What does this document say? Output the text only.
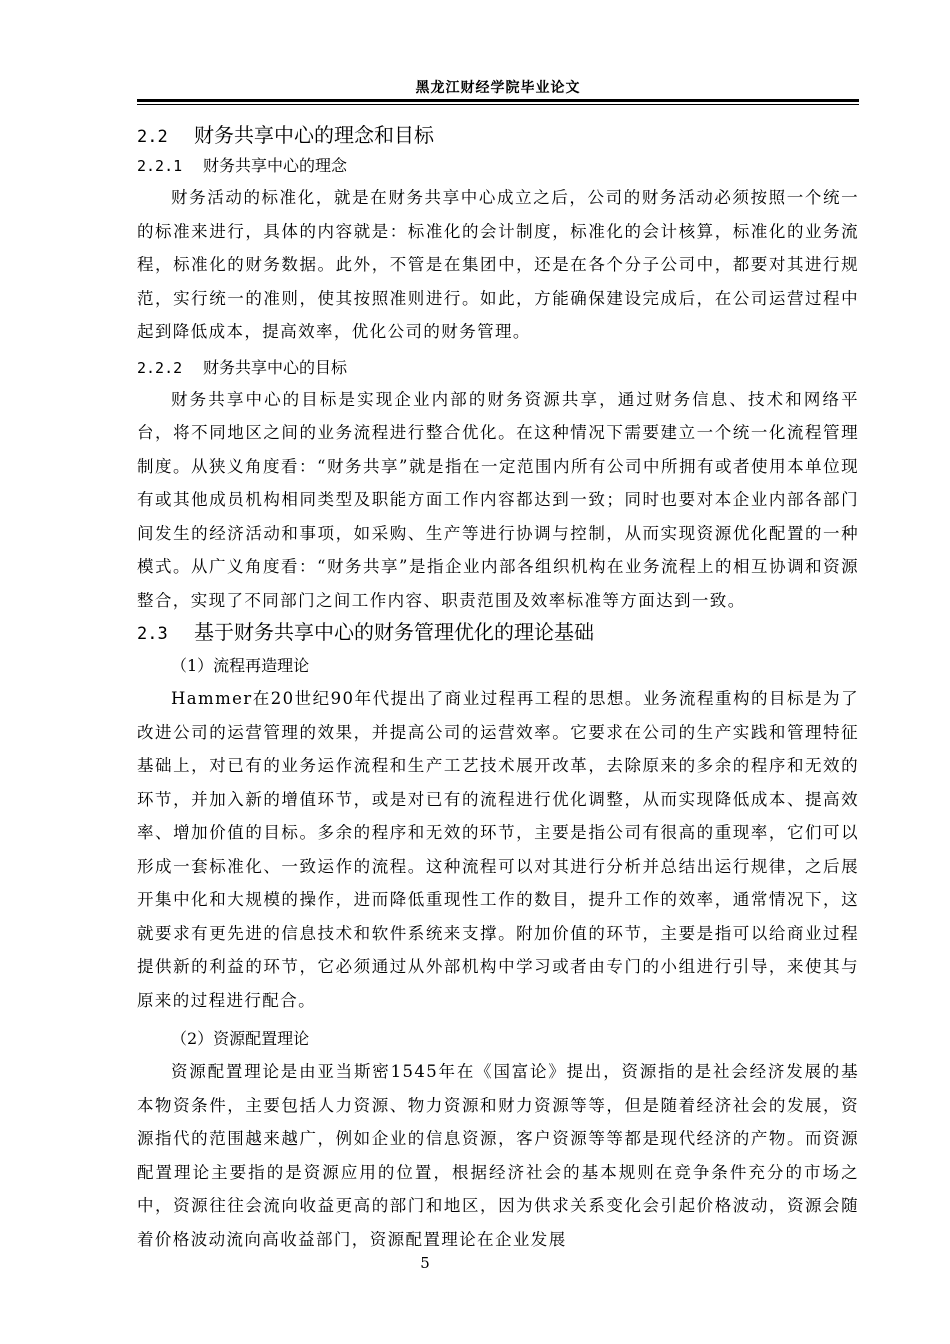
黑龙江财经学院毕业论文
2.2 财务共享中心的理念和目标
2.2.1 财务共享中心的理念

财务活动的标准化，就是在财务共享中心成立之后，公司的财务活动必须按照一个统一的标准来进行，具体的内容就是：标准化的会计制度，标准化的会计核算，标准化的业务流程，标准化的财务数据。此外，不管是在集团中，还是在各个分子公司中，都要对其进行规范，实行统一的准则，使其按照准则进行。如此，方能确保建设完成后，在公司运营过程中起到降低成本，提高效率，优化公司的财务管理。

2.2.2 财务共享中心的目标

财务共享中心的目标是实现企业内部的财务资源共享，通过财务信息、技术和网络平台，将不同地区之间的业务流程进行整合优化。在这种情况下需要建立一个统一化流程管理制度。从狭义角度看：“财务共享”就是指在一定范围内所有公司中所拥有或者使用本单位现有或其他成员机构相同类型及职能方面工作内容都达到一致；同时也要对本企业内部各部门间发生的经济活动和事项，如采购、生产等进行协调与控制，从而实现资源优化配置的一种模式。从广义角度看：“财务共享”是指企业内部各组织机构在业务流程上的相互协调和资源整合，实现了不同部门之间工作内容、职责范围及效率标准等方面达到一致。

2.3 基于财务共享中心的财务管理优化的理论基础
（1）流程再造理论

Hammer在20世纪90年代提出了商业过程再工程的思想。业务流程重构的目标是为了改进公司的运营管理的效果，并提高公司的运营效率。它要求在公司的生产实践和管理特征基础上，对已有的业务运作流程和生产工艺技术展开改革，去除原来的多余的程序和无效的环节，并加入新的增值环节，或是对已有的流程进行优化调整，从而实现降低成本、提高效率、增加价值的目标。多余的程序和无效的环节，主要是指公司有很高的重现率，它们可以形成一套标准化、一致运作的流程。这种流程可以对其进行分析并总结出运行规律，之后展开集中化和大规模的操作，进而降低重现性工作的数目，提升工作的效率，通常情况下，这就要求有更先进的信息技术和软件系统来支撑。附加价值的环节，主要是指可以给商业过程提供新的利益的环节，它必须通过从外部机构中学习或者由专门的小组进行引导，来使其与原来的过程进行配合。

（2）资源配置理论

资源配置理论是由亚当斯密1545年在《国富论》提出，资源指的是社会经济发展的基本物资条件，主要包括人力资源、物力资源和财力资源等等，但是随着经济社会的发展，资源指代的范围越来越广，例如企业的信息资源，客户资源等等都是现代经济的产物。而资源配置理论主要指的是资源应用的位置，根据经济社会的基本规则在竞争条件充分的市场之中，资源往往会流向收益更高的部门和地区，因为供求关系变化会引起价格波动，资源会随着价格波动流向高收益部门，资源配置理论在企业发展

5
